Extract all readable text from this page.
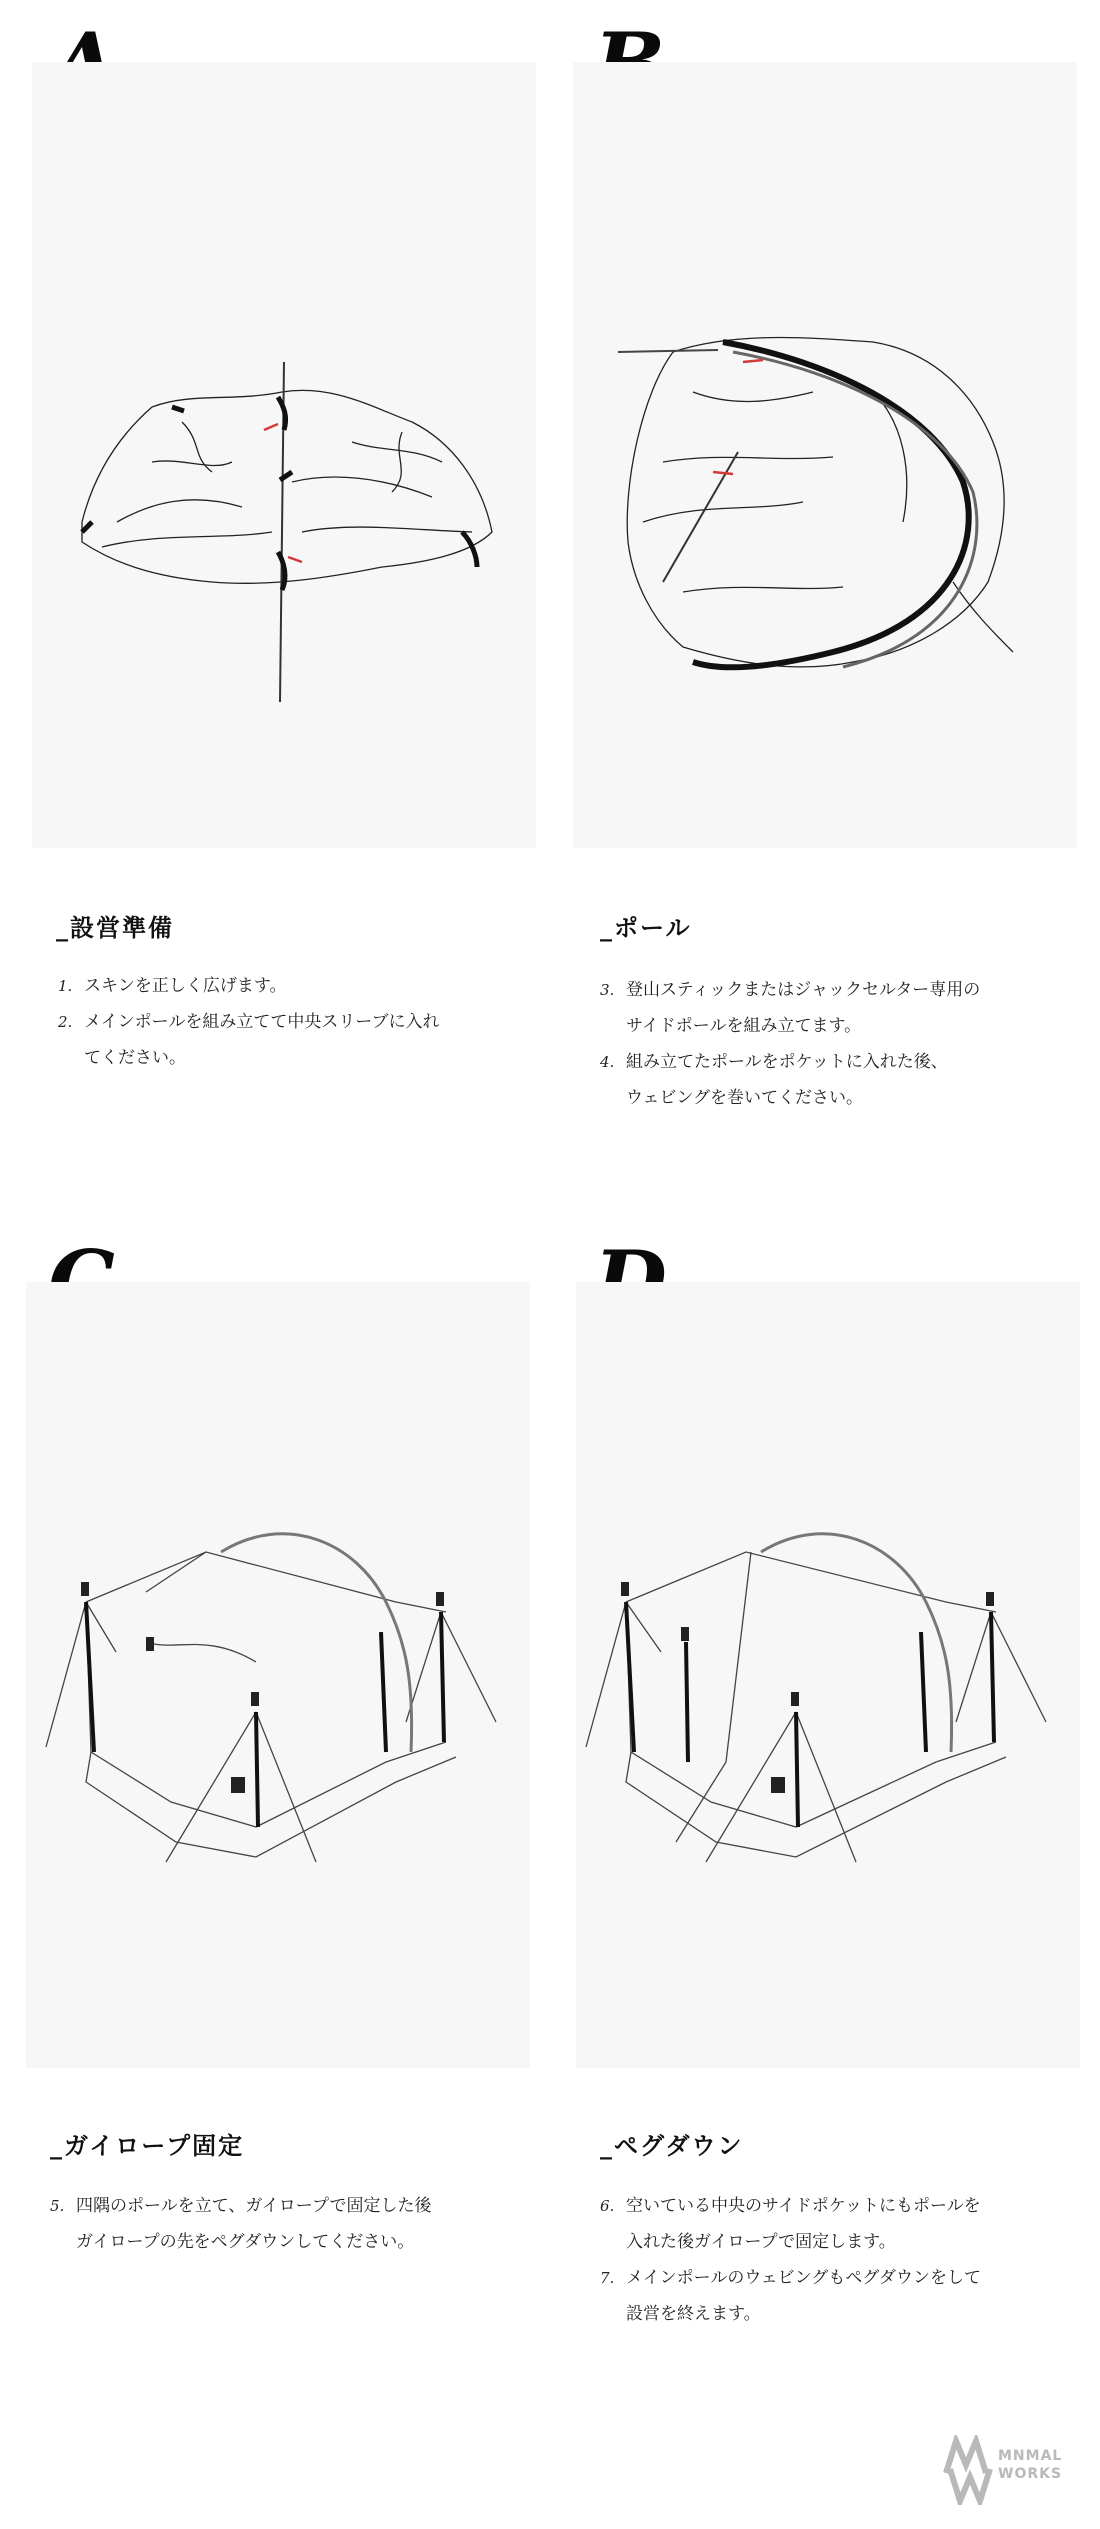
_設営準備
1. スキンを正しく広げます。
2. メインポールを組み立てて中央スリーブに入れ
てください。
_ポール
3. 登山スティックまたはジャックセルター専用の
サイドポールを組み立てます。
4. 組み立てたポールをポケットに入れた後、
ウェビングを巻いてください。
_ガイロープ固定
5. 四隅のポールを立て、ガイロープで固定した後
ガイロープの先をペグダウンしてください。
_ペグダウン
6. 空いている中央のサイドポケットにもポールを
入れた後ガイロープで固定します。
7. メインポールのウェビングもペグダウンをして
設営を終えます。
MNMAL
WORKS
